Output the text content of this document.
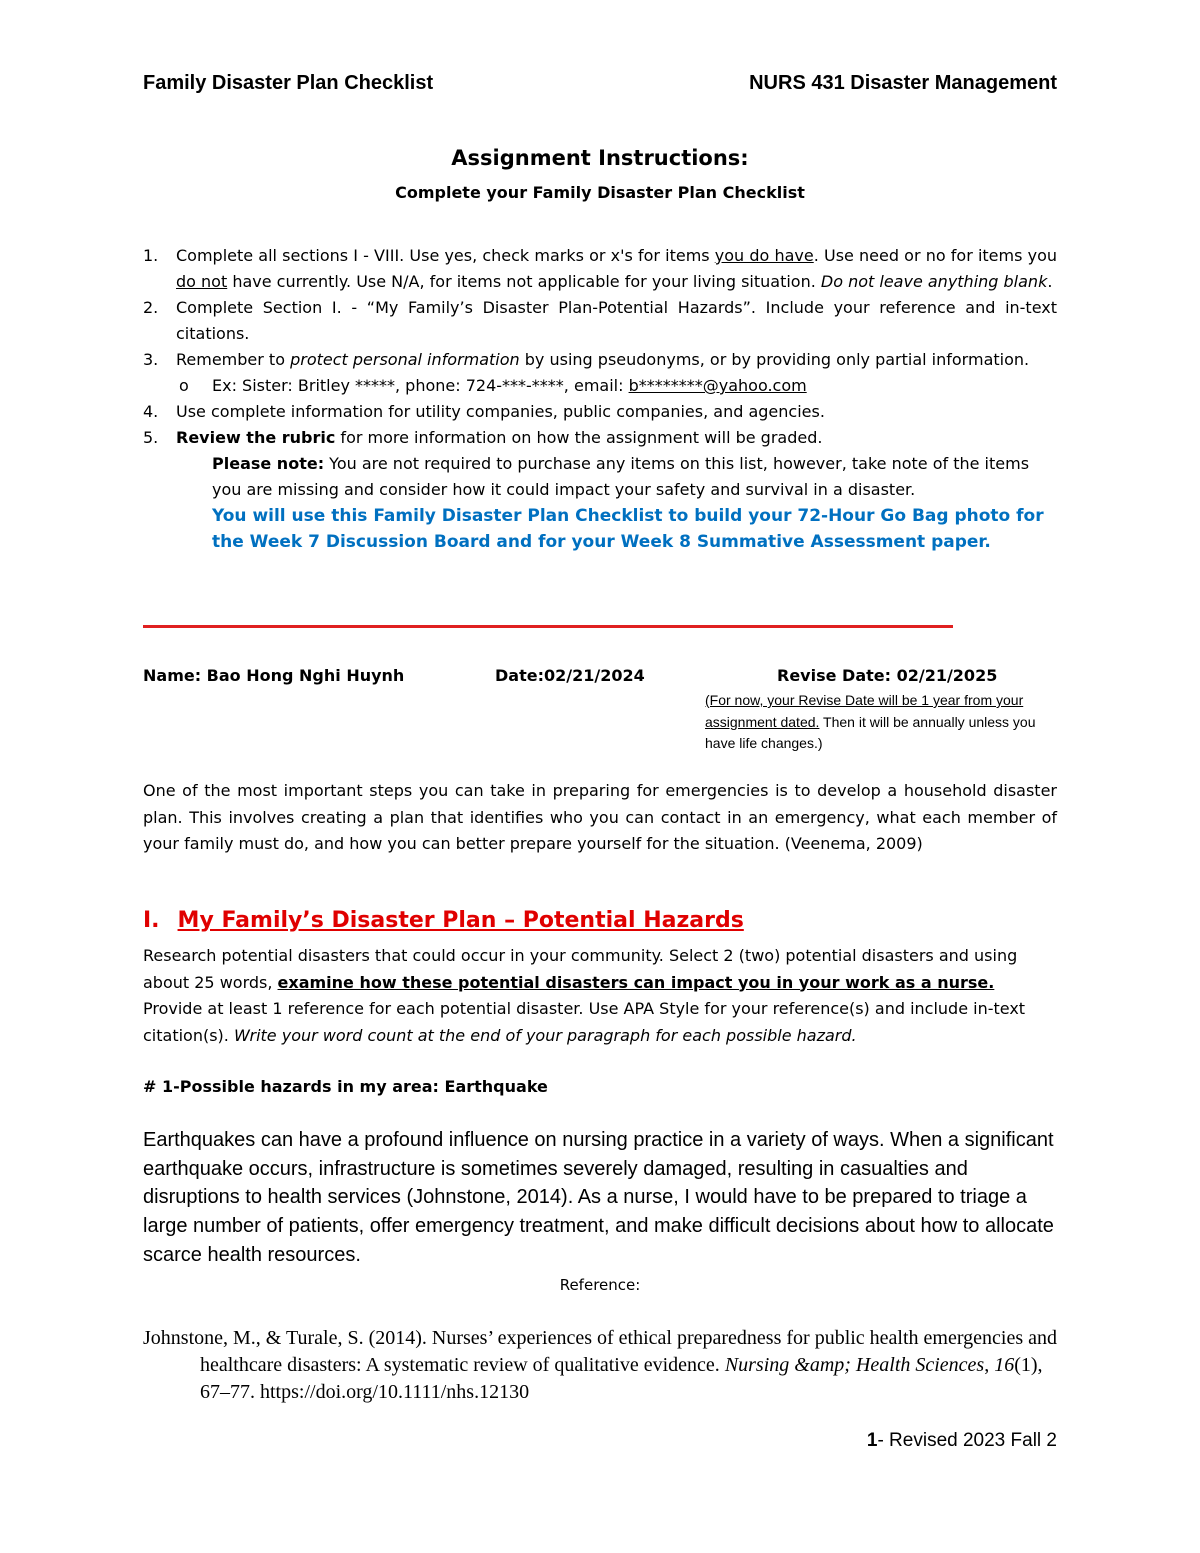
Family Disaster Plan Checklist	NURS 431 Disaster Management
Assignment Instructions:
Complete your Family Disaster Plan Checklist
1. Complete all sections I - VIII. Use yes, check marks or x's for items you do have. Use need or no for items you do not have currently. Use N/A, for items not applicable for your living situation. Do not leave anything blank.
2. Complete Section I. - “My Family’s Disaster Plan-Potential Hazards”. Include your reference and in-text citations.
3. Remember to protect personal information by using pseudonyms, or by providing only partial information.
o Ex: Sister: Britley *****, phone: 724-***-****, email: b********@yahoo.com
4. Use complete information for utility companies, public companies, and agencies.
5. Review the rubric for more information on how the assignment will be graded.
Please note: You are not required to purchase any items on this list, however, take note of the items you are missing and consider how it could impact your safety and survival in a disaster.
You will use this Family Disaster Plan Checklist to build your 72-Hour Go Bag photo for the Week 7 Discussion Board and for your Week 8 Summative Assessment paper.
Name: Bao Hong Nghi Huynh	Date:02/21/2024	Revise Date: 02/21/2025
(For now, your Revise Date will be 1 year from your assignment dated. Then it will be annually unless you have life changes.)
One of the most important steps you can take in preparing for emergencies is to develop a household disaster plan. This involves creating a plan that identifies who you can contact in an emergency, what each member of your family must do, and how you can better prepare yourself for the situation. (Veenema, 2009)
I. My Family’s Disaster Plan – Potential Hazards
Research potential disasters that could occur in your community. Select 2 (two) potential disasters and using about 25 words, examine how these potential disasters can impact you in your work as a nurse. Provide at least 1 reference for each potential disaster. Use APA Style for your reference(s) and include in-text citation(s). Write your word count at the end of your paragraph for each possible hazard.
# 1-Possible hazards in my area: Earthquake
Earthquakes can have a profound influence on nursing practice in a variety of ways. When a significant earthquake occurs, infrastructure is sometimes severely damaged, resulting in casualties and disruptions to health services (Johnstone, 2014). As a nurse, I would have to be prepared to triage a large number of patients, offer emergency treatment, and make difficult decisions about how to allocate scarce health resources.
Reference:
Johnstone, M., & Turale, S. (2014). Nurses’ experiences of ethical preparedness for public health emergencies and healthcare disasters: A systematic review of qualitative evidence. Nursing &amp; Health Sciences, 16(1), 67–77. https://doi.org/10.1111/nhs.12130
1- Revised 2023 Fall 2
